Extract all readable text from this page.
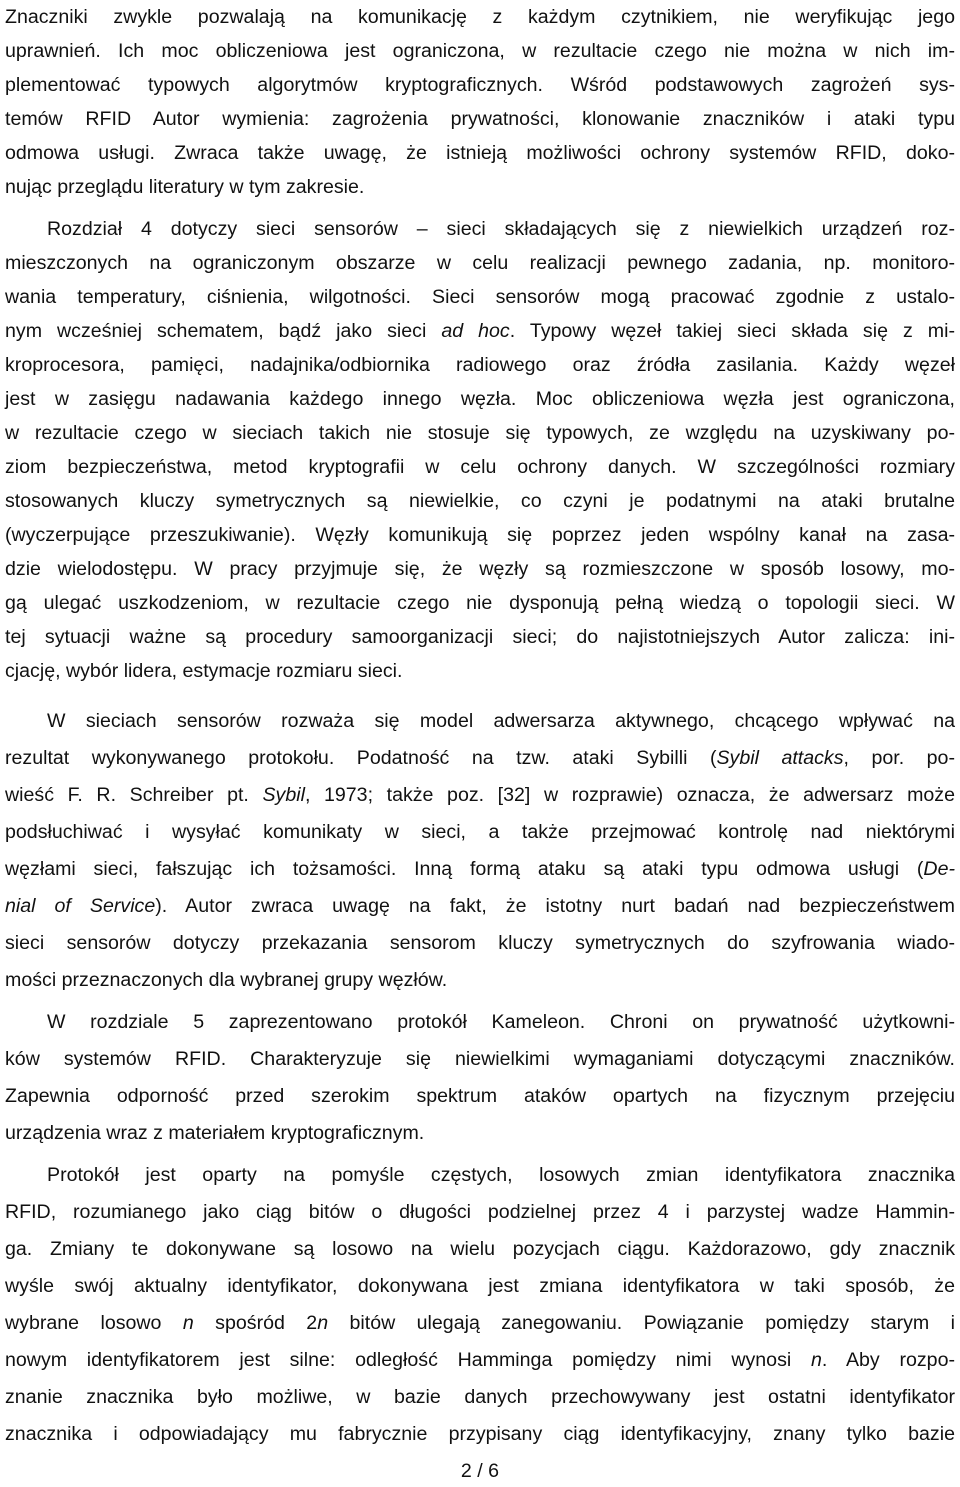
Znaczniki zwykle pozwalają na komunikację z każdym czytnikiem, nie weryfikując jego
uprawnień. Ich moc obliczeniowa jest ograniczona, w rezultacie czego nie można w nich im-
plementować typowych algorytmów kryptograficznych. Wśród podstawowych zagrożeń sys-
temów RFID Autor wymienia: zagrożenia prywatności, klonowanie znaczników i ataki typu
odmowa usługi. Zwraca także uwagę, że istnieją możliwości ochrony systemów RFID, doko-
nując przeglądu literatury w tym zakresie.
Rozdział 4 dotyczy sieci sensorów – sieci składających się z niewielkich urządzeń roz-
mieszczonych na ograniczonym obszarze w celu realizacji pewnego zadania, np. monitoro-
wania temperatury, ciśnienia, wilgotności. Sieci sensorów mogą pracować zgodnie z ustalo-
nym wcześniej schematem, bądź jako sieci ad hoc. Typowy węzeł takiej sieci składa się z mi-
kroprocesora, pamięci, nadajnika/odbiornika radiowego oraz źródła zasilania. Każdy węzeł
jest w zasięgu nadawania każdego innego węzła. Moc obliczeniowa węzła jest ograniczona,
w rezultacie czego w sieciach takich nie stosuje się typowych, ze względu na uzyskiwany po-
ziom bezpieczeństwa, metod kryptografii w celu ochrony danych. W szczególności rozmiary
stosowanych kluczy symetrycznych są niewielkie, co czyni je podatnymi na ataki brutalne
(wyczerpujące przeszukiwanie). Węzły komunikują się poprzez jeden wspólny kanał na zasa-
dzie wielodostępu. W pracy przyjmuje się, że węzły są rozmieszczone w sposób losowy, mo-
gą ulegać uszkodzeniom, w rezultacie czego nie dysponują pełną wiedzą o topologii sieci. W
tej sytuacji ważne są procedury samoorganizacji sieci; do najistotniejszych Autor zalicza: ini-
cjację, wybór lidera, estymacje rozmiaru sieci.
W sieciach sensorów rozważa się model adwersarza aktywnego, chcącego wpływać na
rezultat wykonywanego protokołu. Podatność na tzw. ataki Sybilli (Sybil attacks, por. po-
wieść F. R. Schreiber pt. Sybil, 1973; także poz. [32] w rozprawie) oznacza, że adwersarz może
podsłuchiwać i wysyłać komunikaty w sieci, a także przejmować kontrolę nad niektórymi
węzłami sieci, fałszując ich tożsamości. Inną formą ataku są ataki typu odmowa usługi (De-
nial of Service). Autor zwraca uwagę na fakt, że istotny nurt badań nad bezpieczeństwem
sieci sensorów dotyczy przekazania sensorom kluczy symetrycznych do szyfrowania wiado-
mości przeznaczonych dla wybranej grupy węzłów.
W rozdziale 5 zaprezentowano protokół Kameleon. Chroni on prywatność użytkowni-
ków systemów RFID. Charakteryzuje się niewielkimi wymaganiami dotyczącymi znaczników.
Zapewnia odporność przed szerokim spektrum ataków opartych na fizycznym przejęciu
urządzenia wraz z materiałem kryptograficznym.
Protokół jest oparty na pomyśle częstych, losowych zmian identyfikatora znacznika
RFID, rozumianego jako ciąg bitów o długości podzielnej przez 4 i parzystej wadze Hammin-
ga. Zmiany te dokonywane są losowo na wielu pozycjach ciągu. Każdorazowo, gdy znacznik
wyśle swój aktualny identyfikator, dokonywana jest zmiana identyfikatora w taki sposób, że
wybrane losowo n spośród 2n bitów ulegają zanegowaniu. Powiązanie pomiędzy starym i
nowym identyfikatorem jest silne: odległość Hamminga pomiędzy nimi wynosi n. Aby rozpo-
znanie znacznika było możliwe, w bazie danych przechowywany jest ostatni identyfikator
znacznika i odpowiadający mu fabrycznie przypisany ciąg identyfikacyjny, znany tylko bazie
2 / 6
